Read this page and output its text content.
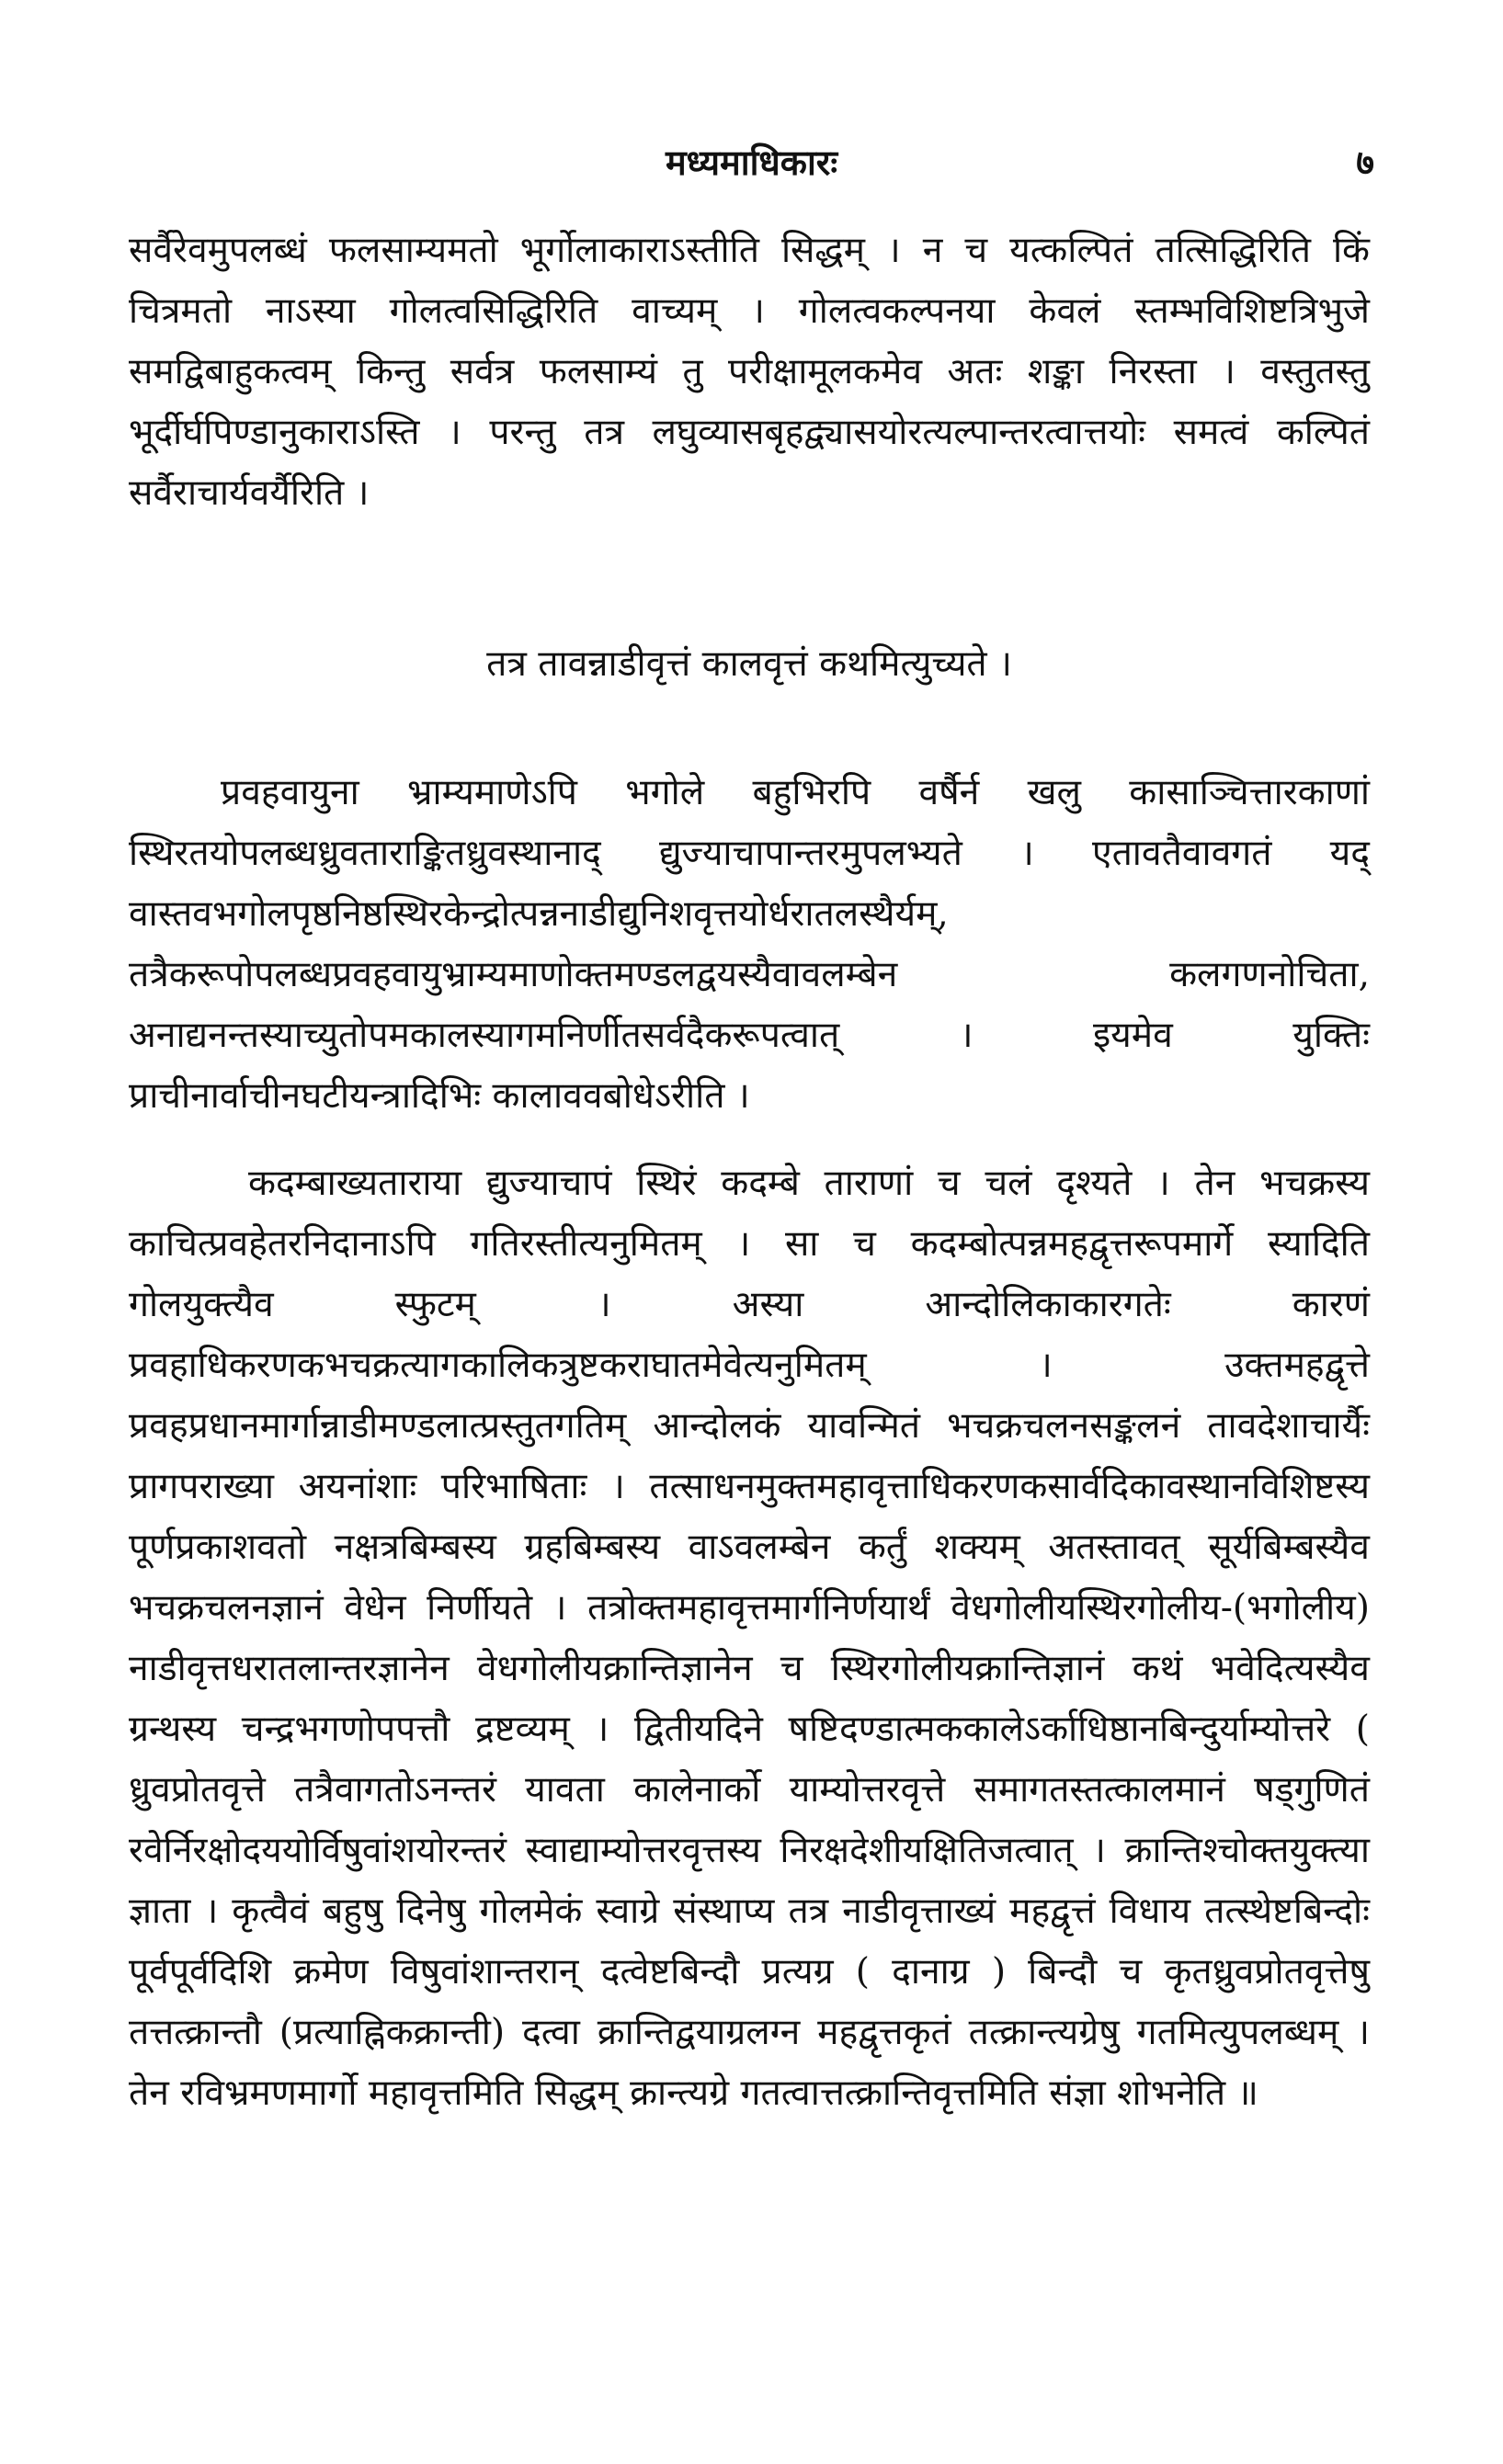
मध्यमाधिकारः	७

सर्वैरेवमुपलब्धं फलसाम्यमतो भूर्गोलाकाराऽस्तीति सिद्धम् । न च यत्कल्पितं तत्सिद्धिरिति किं चित्रमतो नाऽस्या गोलत्वसिद्धिरिति वाच्यम् । गोलत्वकल्पनया केवलं स्तम्भविशिष्टत्रिभुजे समद्विबाहुकत्वम् किन्तु सर्वत्र फलसाम्यं तु परीक्षामूलकमेव अतः शङ्का निरस्ता । वस्तुतस्तु भूर्दीर्घपिण्डानुकाराऽस्ति । परन्तु तत्र लघुव्यासबृहद्व्यासयोरत्यल्पान्तरत्वात्तयोः समत्वं कल्पितं सर्वैराचार्यवर्यैरिति ।

तत्र तावन्नाडीवृत्तं कालवृत्तं कथमित्युच्यते ।

प्रवहवायुना भ्राम्यमाणेऽपि भगोले बहुभिरपि वर्षैर्न खलु कासाञ्चित्तारकाणां स्थिरतयोपलब्धध्रुवताराङ्कितध्रुवस्थानाद् द्युज्याचापान्तरमुपलभ्यते । एतावतैवावगतं यद् वास्तवभगोलपृष्ठनिष्ठस्थिरकेन्द्रोत्पन्ननाडीद्युनिशवृत्तयोर्धरातलस्थैर्यम्, तत्रैकरूपोपलब्धप्रवहवायुभ्राम्यमाणोक्तमण्डलद्वयस्यैवावलम्बेन कलगणनोचिता, अनाद्यनन्तस्याच्युतोपमकालस्यागमनिर्णीतसर्वदैकरूपत्वात् । इयमेव युक्तिः प्राचीनार्वाचीनघटीयन्त्रादिभिः कालाववबोधेऽरीति ।

कदम्बाख्यताराया द्युज्याचापं स्थिरं कदम्बे ताराणां च चलं दृश्यते । तेन भचक्रस्य काचित्प्रवहेतरनिदानाऽपि गतिरस्तीत्यनुमितम् । सा च कदम्बोत्पन्नमहद्वृत्तरूपमार्गे स्यादिति गोलयुक्त्यैव स्फुटम् । अस्या आन्दोलिकाकारगतेः कारणं प्रवहाधिकरणकभचक्रत्यागकालिकत्रुष्टकराघातमेवेत्यनुमितम् । उक्तमहद्वृत्ते प्रवहप्रधानमार्गान्नाडीमण्डलात्प्रस्तुतगतिम् आन्दोलकं यावन्मितं भचक्रचलनसङ्कलनं तावदेशाचार्यैः प्रागपराख्या अयनांशाः परिभाषिताः । तत्साधनमुक्तमहावृत्ताधिकरणकसार्वदिकावस्थानविशिष्टस्य पूर्णप्रकाशवतो नक्षत्रबिम्बस्य ग्रहबिम्बस्य वाऽवलम्बेन कर्तुं शक्यम् अतस्तावत् सूर्यबिम्बस्यैव भचक्रचलनज्ञानं वेधेन निर्णीयते । तत्रोक्तमहावृत्तमार्गनिर्णयार्थं वेधगोलीयस्थिरगोलीय-(भगोलीय) नाडीवृत्तधरातलान्तरज्ञानेन वेधगोलीयक्रान्तिज्ञानेन च स्थिरगोलीयक्रान्तिज्ञानं कथं भवेदित्यस्यैव ग्रन्थस्य चन्द्रभगणोपपत्तौ द्रष्टव्यम् । द्वितीयदिने षष्टिदण्डात्मककालेऽर्काधिष्ठानबिन्दुर्याम्योत्तरे ( ध्रुवप्रोतवृत्ते तत्रैवागतोऽनन्तरं यावता कालेनार्को याम्योत्तरवृत्ते समागतस्तत्कालमानं षड्गुणितं रवेर्निरक्षोदययोर्विषुवांशयोरन्तरं स्वाद्याम्योत्तरवृत्तस्य निरक्षदेशीयक्षितिजत्वात् । क्रान्तिश्चोक्तयुक्त्या ज्ञाता । कृत्वैवं बहुषु दिनेषु गोलमेकं स्वाग्रे संस्थाप्य तत्र नाडीवृत्ताख्यं महद्वृत्तं विधाय तत्स्थेष्टबिन्दोः पूर्वपूर्वदिशि क्रमेण विषुवांशान्तरान् दत्वेष्टबिन्दौ प्रत्यग्र ( दानाग्र ) बिन्दौ च कृतध्रुवप्रोतवृत्तेषु तत्तत्क्रान्तौ (प्रत्याह्निकक्रान्ती) दत्वा क्रान्तिद्वयाग्रलग्न महद्वृत्तकृतं तत्क्रान्त्यग्रेषु गतमित्युपलब्धम् । तेन रविभ्रमणमार्गो महावृत्तमिति सिद्धम् क्रान्त्यग्रे गतत्वात्तत्क्रान्तिवृत्तमिति संज्ञा शोभनेति ॥
